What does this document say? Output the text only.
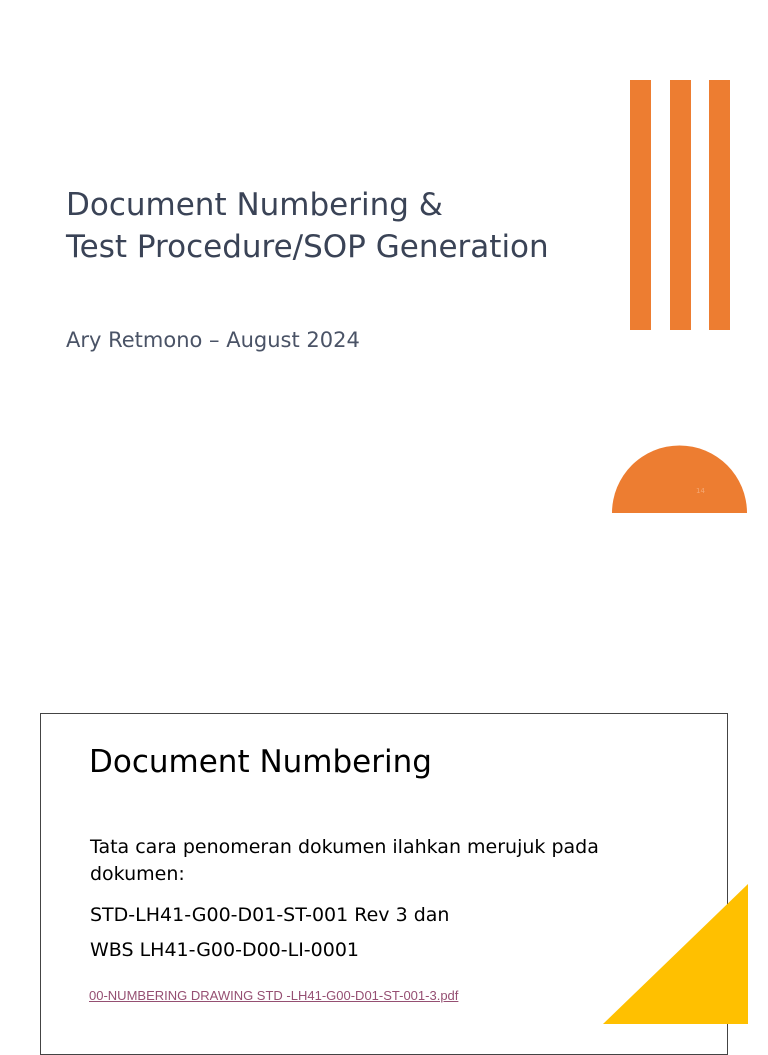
Document Numbering &
Test Procedure/SOP Generation
Ary Retmono – August 2024
14
Document Numbering

Tata cara penomeran dokumen ilahkan merujuk pada dokumen:

STD-LH41-G00-D01-ST-001 Rev 3 dan

WBS LH41-G00-D00-LI-0001

00-NUMBERING DRAWING STD -LH41-G00-D01-ST-001-3.pdf
